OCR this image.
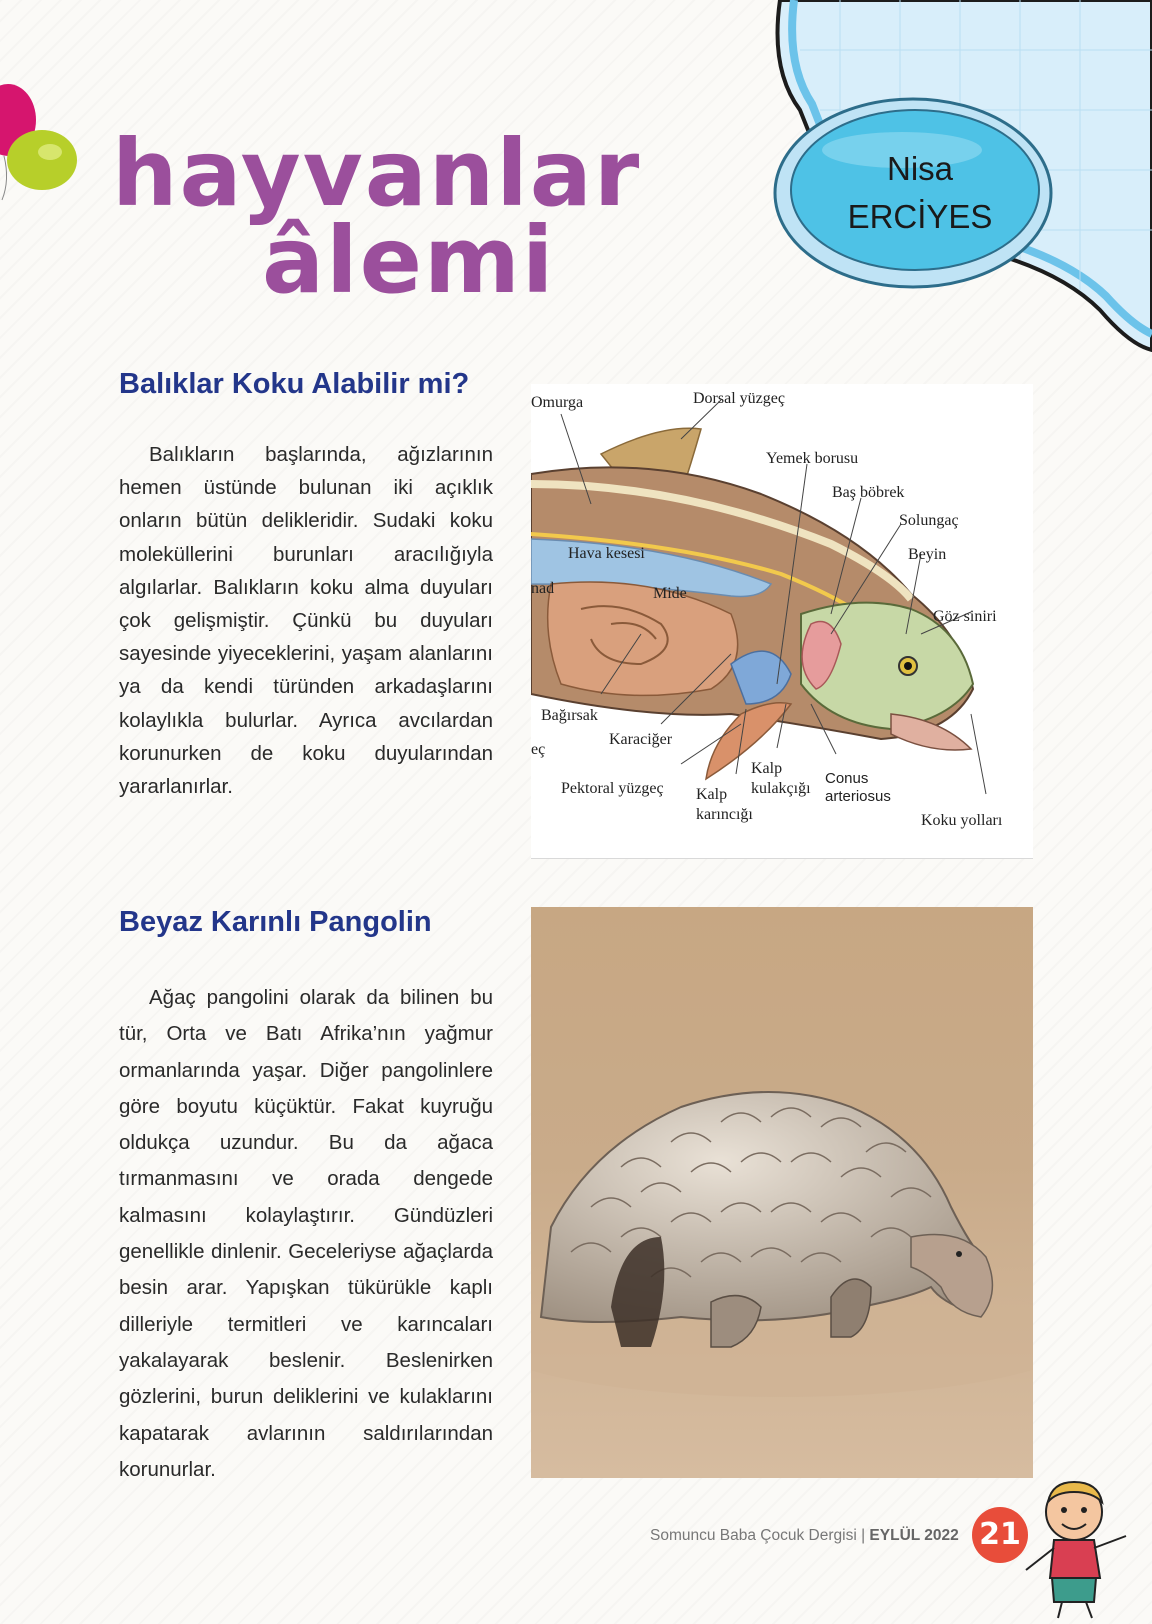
Nisa
ERCİYES
hayvanlar
âlemi
Balıklar Koku Alabilir mi?
Balıkların başlarında, ağızlarının hemen üstünde bulunan iki açıklık onların bütün delikleridir. Sudaki koku moleküllerini burunları aracılığıyla algılarlar. Balıkların koku alma duyuları çok gelişmiştir. Çünkü bu duyuları sayesinde yiyeceklerini, yaşam alanlarını ya da kendi türünden arkadaşlarını kolaylıkla bulurlar. Ayrıca avcılardan korunurken de koku duyularından yararlanırlar.
Omurga	Dorsal yüzgeç
Yemek borusu
Baş böbrek
Solungaç
Beyin
Göz siniri
Hava kesesi
Mide
nad
Bağırsak
Karaciğer
eç
Pektoral yüzgeç
Kalp
kulakçığı
Kalp
karıncığı
Conus
arteriosus
Koku yolları
Beyaz Karınlı Pangolin
Ağaç pangolini olarak da bilinen bu tür, Orta ve Batı Afrika’nın yağmur ormanlarında yaşar. Diğer pangolinlere göre boyutu küçüktür. Fakat kuyruğu oldukça uzundur. Bu da ağaca tırmanmasını ve orada dengede kalmasını kolaylaştırır. Gündüzleri genellikle dinlenir. Geceleriyse ağaçlarda besin arar. Yapışkan tükürükle kaplı dilleriyle termitleri ve karıncaları yakalayarak beslenir. Beslenirken gözlerini, burun deliklerini ve kulaklarını kapatarak avlarının saldırılarından korunurlar.
Somuncu Baba Çocuk Dergisi | EYLÜL 2022 21
